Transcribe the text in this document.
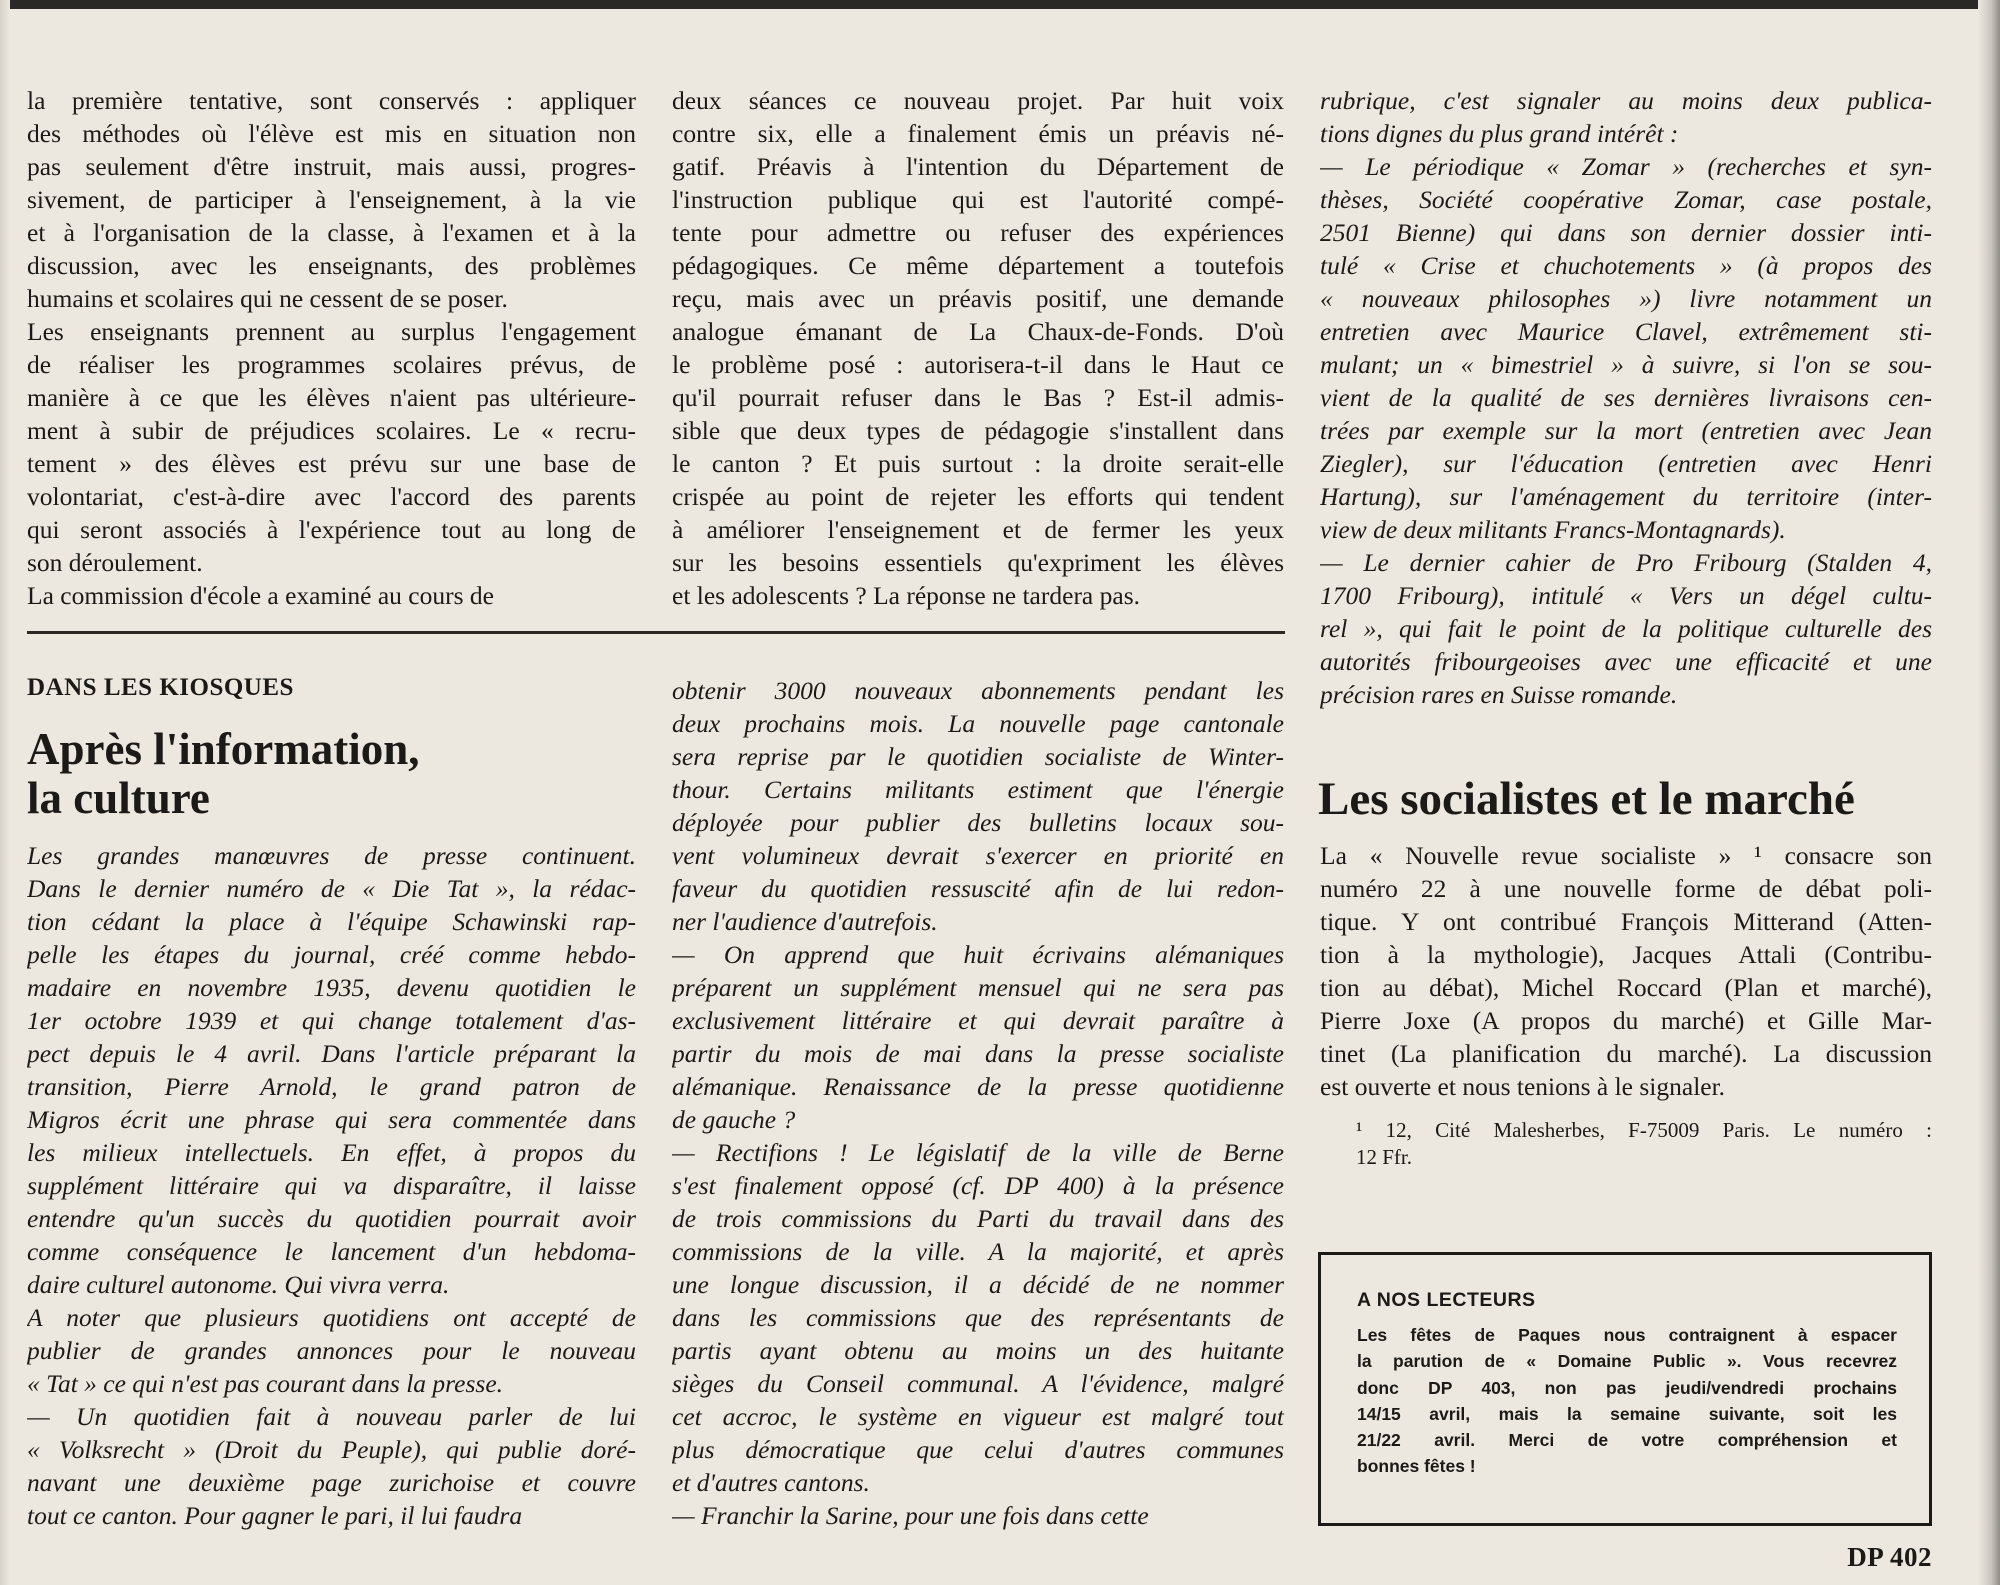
la première tentative, sont conservés : appliquer

des méthodes où l'élève est mis en situation non

pas seulement d'être instruit, mais aussi, progres-

sivement, de participer à l'enseignement, à la vie

et à l'organisation de la classe, à l'examen et à la

discussion, avec les enseignants, des problèmes

humains et scolaires qui ne cessent de se poser.

Les enseignants prennent au surplus l'engagement

de réaliser les programmes scolaires prévus, de

manière à ce que les élèves n'aient pas ultérieure-

ment à subir de préjudices scolaires. Le « recru-

tement » des élèves est prévu sur une base de

volontariat, c'est-à-dire avec l'accord des parents

qui seront associés à l'expérience tout au long de

son déroulement.

La commission d'école a examiné au cours de

deux séances ce nouveau projet. Par huit voix

contre six, elle a finalement émis un préavis né-

gatif. Préavis à l'intention du Département de

l'instruction publique qui est l'autorité compé-

tente pour admettre ou refuser des expériences

pédagogiques. Ce même département a toutefois

reçu, mais avec un préavis positif, une demande

analogue émanant de La Chaux-de-Fonds. D'où

le problème posé : autorisera-t-il dans le Haut ce

qu'il pourrait refuser dans le Bas ? Est-il admis-

sible que deux types de pédagogie s'installent dans

le canton ? Et puis surtout : la droite serait-elle

crispée au point de rejeter les efforts qui tendent

à améliorer l'enseignement et de fermer les yeux

sur les besoins essentiels qu'expriment les élèves

et les adolescents ? La réponse ne tardera pas.

rubrique, c'est signaler au moins deux publica-

tions dignes du plus grand intérêt :

— Le périodique « Zomar » (recherches et syn-

thèses, Société coopérative Zomar, case postale,

2501 Bienne) qui dans son dernier dossier inti-

tulé « Crise et chuchotements » (à propos des

« nouveaux philosophes ») livre notamment un

entretien avec Maurice Clavel, extrêmement sti-

mulant; un « bimestriel » à suivre, si l'on se sou-

vient de la qualité de ses dernières livraisons cen-

trées par exemple sur la mort (entretien avec Jean

Ziegler), sur l'éducation (entretien avec Henri

Hartung), sur l'aménagement du territoire (inter-

view de deux militants Francs-Montagnards).

— Le dernier cahier de Pro Fribourg (Stalden 4,

1700 Fribourg), intitulé « Vers un dégel cultu-

rel », qui fait le point de la politique culturelle des

autorités fribourgeoises avec une efficacité et une

précision rares en Suisse romande.

DANS LES KIOSQUES
Après l'information,
la culture

Les grandes manœuvres de presse continuent.

Dans le dernier numéro de « Die Tat », la rédac-

tion cédant la place à l'équipe Schawinski rap-

pelle les étapes du journal, créé comme hebdo-

madaire en novembre 1935, devenu quotidien le

1er octobre 1939 et qui change totalement d'as-

pect depuis le 4 avril. Dans l'article préparant la

transition, Pierre Arnold, le grand patron de

Migros écrit une phrase qui sera commentée dans

les milieux intellectuels. En effet, à propos du

supplément littéraire qui va disparaître, il laisse

entendre qu'un succès du quotidien pourrait avoir

comme conséquence le lancement d'un hebdoma-

daire culturel autonome. Qui vivra verra.

A noter que plusieurs quotidiens ont accepté de

publier de grandes annonces pour le nouveau

« Tat » ce qui n'est pas courant dans la presse.

— Un quotidien fait à nouveau parler de lui

« Volksrecht » (Droit du Peuple), qui publie doré-

navant une deuxième page zurichoise et couvre

tout ce canton. Pour gagner le pari, il lui faudra

obtenir 3000 nouveaux abonnements pendant les

deux prochains mois. La nouvelle page cantonale

sera reprise par le quotidien socialiste de Winter-

thour. Certains militants estiment que l'énergie

déployée pour publier des bulletins locaux sou-

vent volumineux devrait s'exercer en priorité en

faveur du quotidien ressuscité afin de lui redon-

ner l'audience d'autrefois.

— On apprend que huit écrivains alémaniques

préparent un supplément mensuel qui ne sera pas

exclusivement littéraire et qui devrait paraître à

partir du mois de mai dans la presse socialiste

alémanique. Renaissance de la presse quotidienne

de gauche ?

— Rectifions ! Le législatif de la ville de Berne

s'est finalement opposé (cf. DP 400) à la présence

de trois commissions du Parti du travail dans des

commissions de la ville. A la majorité, et après

une longue discussion, il a décidé de ne nommer

dans les commissions que des représentants de

partis ayant obtenu au moins un des huitante

sièges du Conseil communal. A l'évidence, malgré

cet accroc, le système en vigueur est malgré tout

plus démocratique que celui d'autres communes

et d'autres cantons.

— Franchir la Sarine, pour une fois dans cette

Les socialistes et le marché

La « Nouvelle revue socialiste » ¹ consacre son

numéro 22 à une nouvelle forme de débat poli-

tique. Y ont contribué François Mitterand (Atten-

tion à la mythologie), Jacques Attali (Contribu-

tion au débat), Michel Roccard (Plan et marché),

Pierre Joxe (A propos du marché) et Gille Mar-

tinet (La planification du marché). La discussion

est ouverte et nous tenions à le signaler.

¹ 12, Cité Malesherbes, F-75009 Paris. Le numéro :

12 Ffr.

A NOS LECTEURS

Les fêtes de Paques nous contraignent à espacer

la parution de « Domaine Public ». Vous recevrez

donc DP 403, non pas jeudi/vendredi prochains

14/15 avril, mais la semaine suivante, soit les

21/22 avril. Merci de votre compréhension et

bonnes fêtes !

DP 402
